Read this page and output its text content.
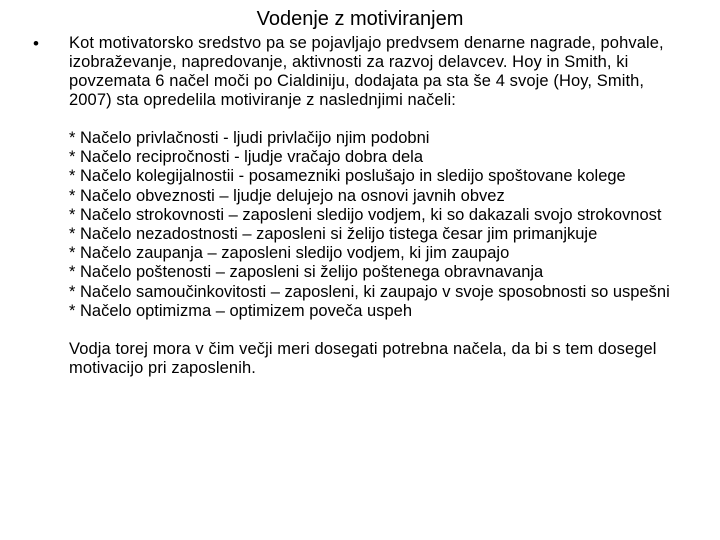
Vodenje z motiviranjem
• Kot motivatorsko sredstvo pa se pojavljajo predvsem denarne nagrade, pohvale, izobraževanje, napredovanje, aktivnosti za razvoj delavcev. Hoy in Smith, ki povzemata 6 načel moči po Cialdiniju, dodajata pa sta še 4 svoje (Hoy, Smith, 2007) sta opredelila motiviranje z naslednjimi načeli:
* Načelo privlačnosti - ljudi privlačijo njim podobni
* Načelo recipročnosti - ljudje vračajo dobra dela
* Načelo kolegijalnostii - posamezniki poslušajo in sledijo spoštovane kolege
* Načelo obveznosti – ljudje delujejo na osnovi javnih obvez
* Načelo strokovnosti – zaposleni sledijo vodjem, ki so dakazali svojo strokovnost
* Načelo nezadostnosti – zaposleni si želijo tistega česar jim primanjkuje
* Načelo zaupanja – zaposleni sledijo vodjem, ki jim zaupajo
* Načelo poštenosti – zaposleni si želijo poštenega obravnavanja
* Načelo samoučinkovitosti – zaposleni, ki zaupajo v svoje sposobnosti so uspešni
* Načelo optimizma – optimizem poveča uspeh
Vodja torej mora v čim večji meri dosegati potrebna načela, da bi s tem dosegel motivacijo pri zaposlenih.
